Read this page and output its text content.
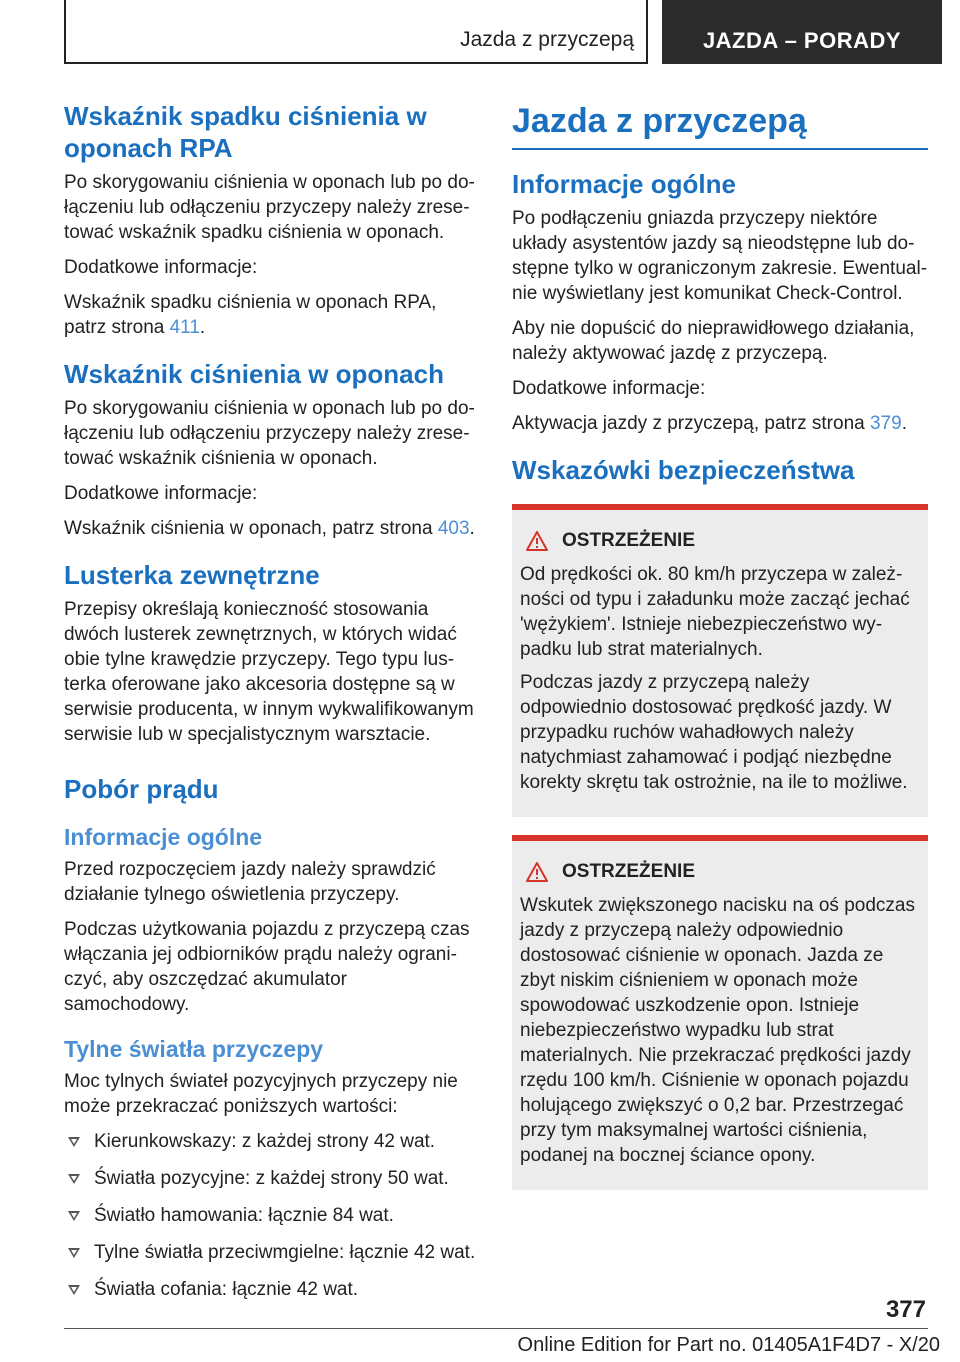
Jazda z przyczepą	JAZDA – PORADY
Wskaźnik spadku ciśnienia w oponach RPA

Po skorygowaniu ciśnienia w oponach lub po dołączeniu lub odłączeniu przyczepy należy zresetować wskaźnik spadku ciśnienia w oponach.

Dodatkowe informacje:

Wskaźnik spadku ciśnienia w oponach RPA, patrz strona 411.

Wskaźnik ciśnienia w oponach

Po skorygowaniu ciśnienia w oponach lub po dołączeniu lub odłączeniu przyczepy należy zresetować wskaźnik ciśnienia w oponach.

Dodatkowe informacje:

Wskaźnik ciśnienia w oponach, patrz strona 403.

Lusterka zewnętrzne

Przepisy określają konieczność stosowania dwóch lusterek zewnętrznych, w których widać obie tylne krawędzie przyczepy. Tego typu lusterka oferowane jako akcesoria dostępne są w serwisie producenta, w innym wykwalifikowanym serwisie lub w specjalistycznym warsztacie.

Pobór prądu
Informacje ogólne

Przed rozpoczęciem jazdy należy sprawdzić działanie tylnego oświetlenia przyczepy.

Podczas użytkowania pojazdu z przyczepą czas włączania jej odbiorników prądu należy ograniczyć, aby oszczędzać akumulator samochodowy.

Tylne światła przyczepy

Moc tylnych świateł pozycyjnych przyczepy nie może przekraczać poniższych wartości:

Kierunkowskazy: z każdej strony 42 wat.
Światła pozycyjne: z każdej strony 50 wat.
Światło hamowania: łącznie 84 wat.
Tylne światła przeciwmgielne: łącznie 42 wat.
Światła cofania: łącznie 42 wat.
Jazda z przyczepą
Informacje ogólne

Po podłączeniu gniazda przyczepy niektóre układy asystentów jazdy są nieodstępne lub dostępne tylko w ograniczonym zakresie. Ewentualnie wyświetlany jest komunikat Check-Control.

Aby nie dopuścić do nieprawidłowego działania, należy aktywować jazdę z przyczepą.

Dodatkowe informacje:

Aktywacja jazdy z przyczepą, patrz strona 379.

Wskazówki bezpieczeństwa
OSTRZEŻENIE

Od prędkości ok. 80 km/h przyczepa w zależności od typu i załadunku może zacząć jechać 'wężykiem'. Istnieje niebezpieczeństwo wypadku lub strat materialnych.

Podczas jazdy z przyczepą należy odpowiednio dostosować prędkość jazdy. W przypadku ruchów wahadłowych należy natychmiast zahamować i podjąć niezbędne korekty skrętu tak ostrożnie, na ile to możliwe.

OSTRZEŻENIE

Wskutek zwiększonego nacisku na oś podczas jazdy z przyczepą należy odpowiednio dostosować ciśnienie w oponach. Jazda ze zbyt niskim ciśnieniem w oponach może spowodować uszkodzenie opon. Istnieje niebezpieczeństwo wypadku lub strat materialnych. Nie przekraczać prędkości jazdy rzędu 100 km/h. Ciśnienie w oponach pojazdu holującego zwiększyć o 0,2 bar. Przestrzegać przy tym maksymalnej wartości ciśnienia, podanej na bocznej ściance opony.

377
Online Edition for Part no. 01405A1F4D7 - X/20
